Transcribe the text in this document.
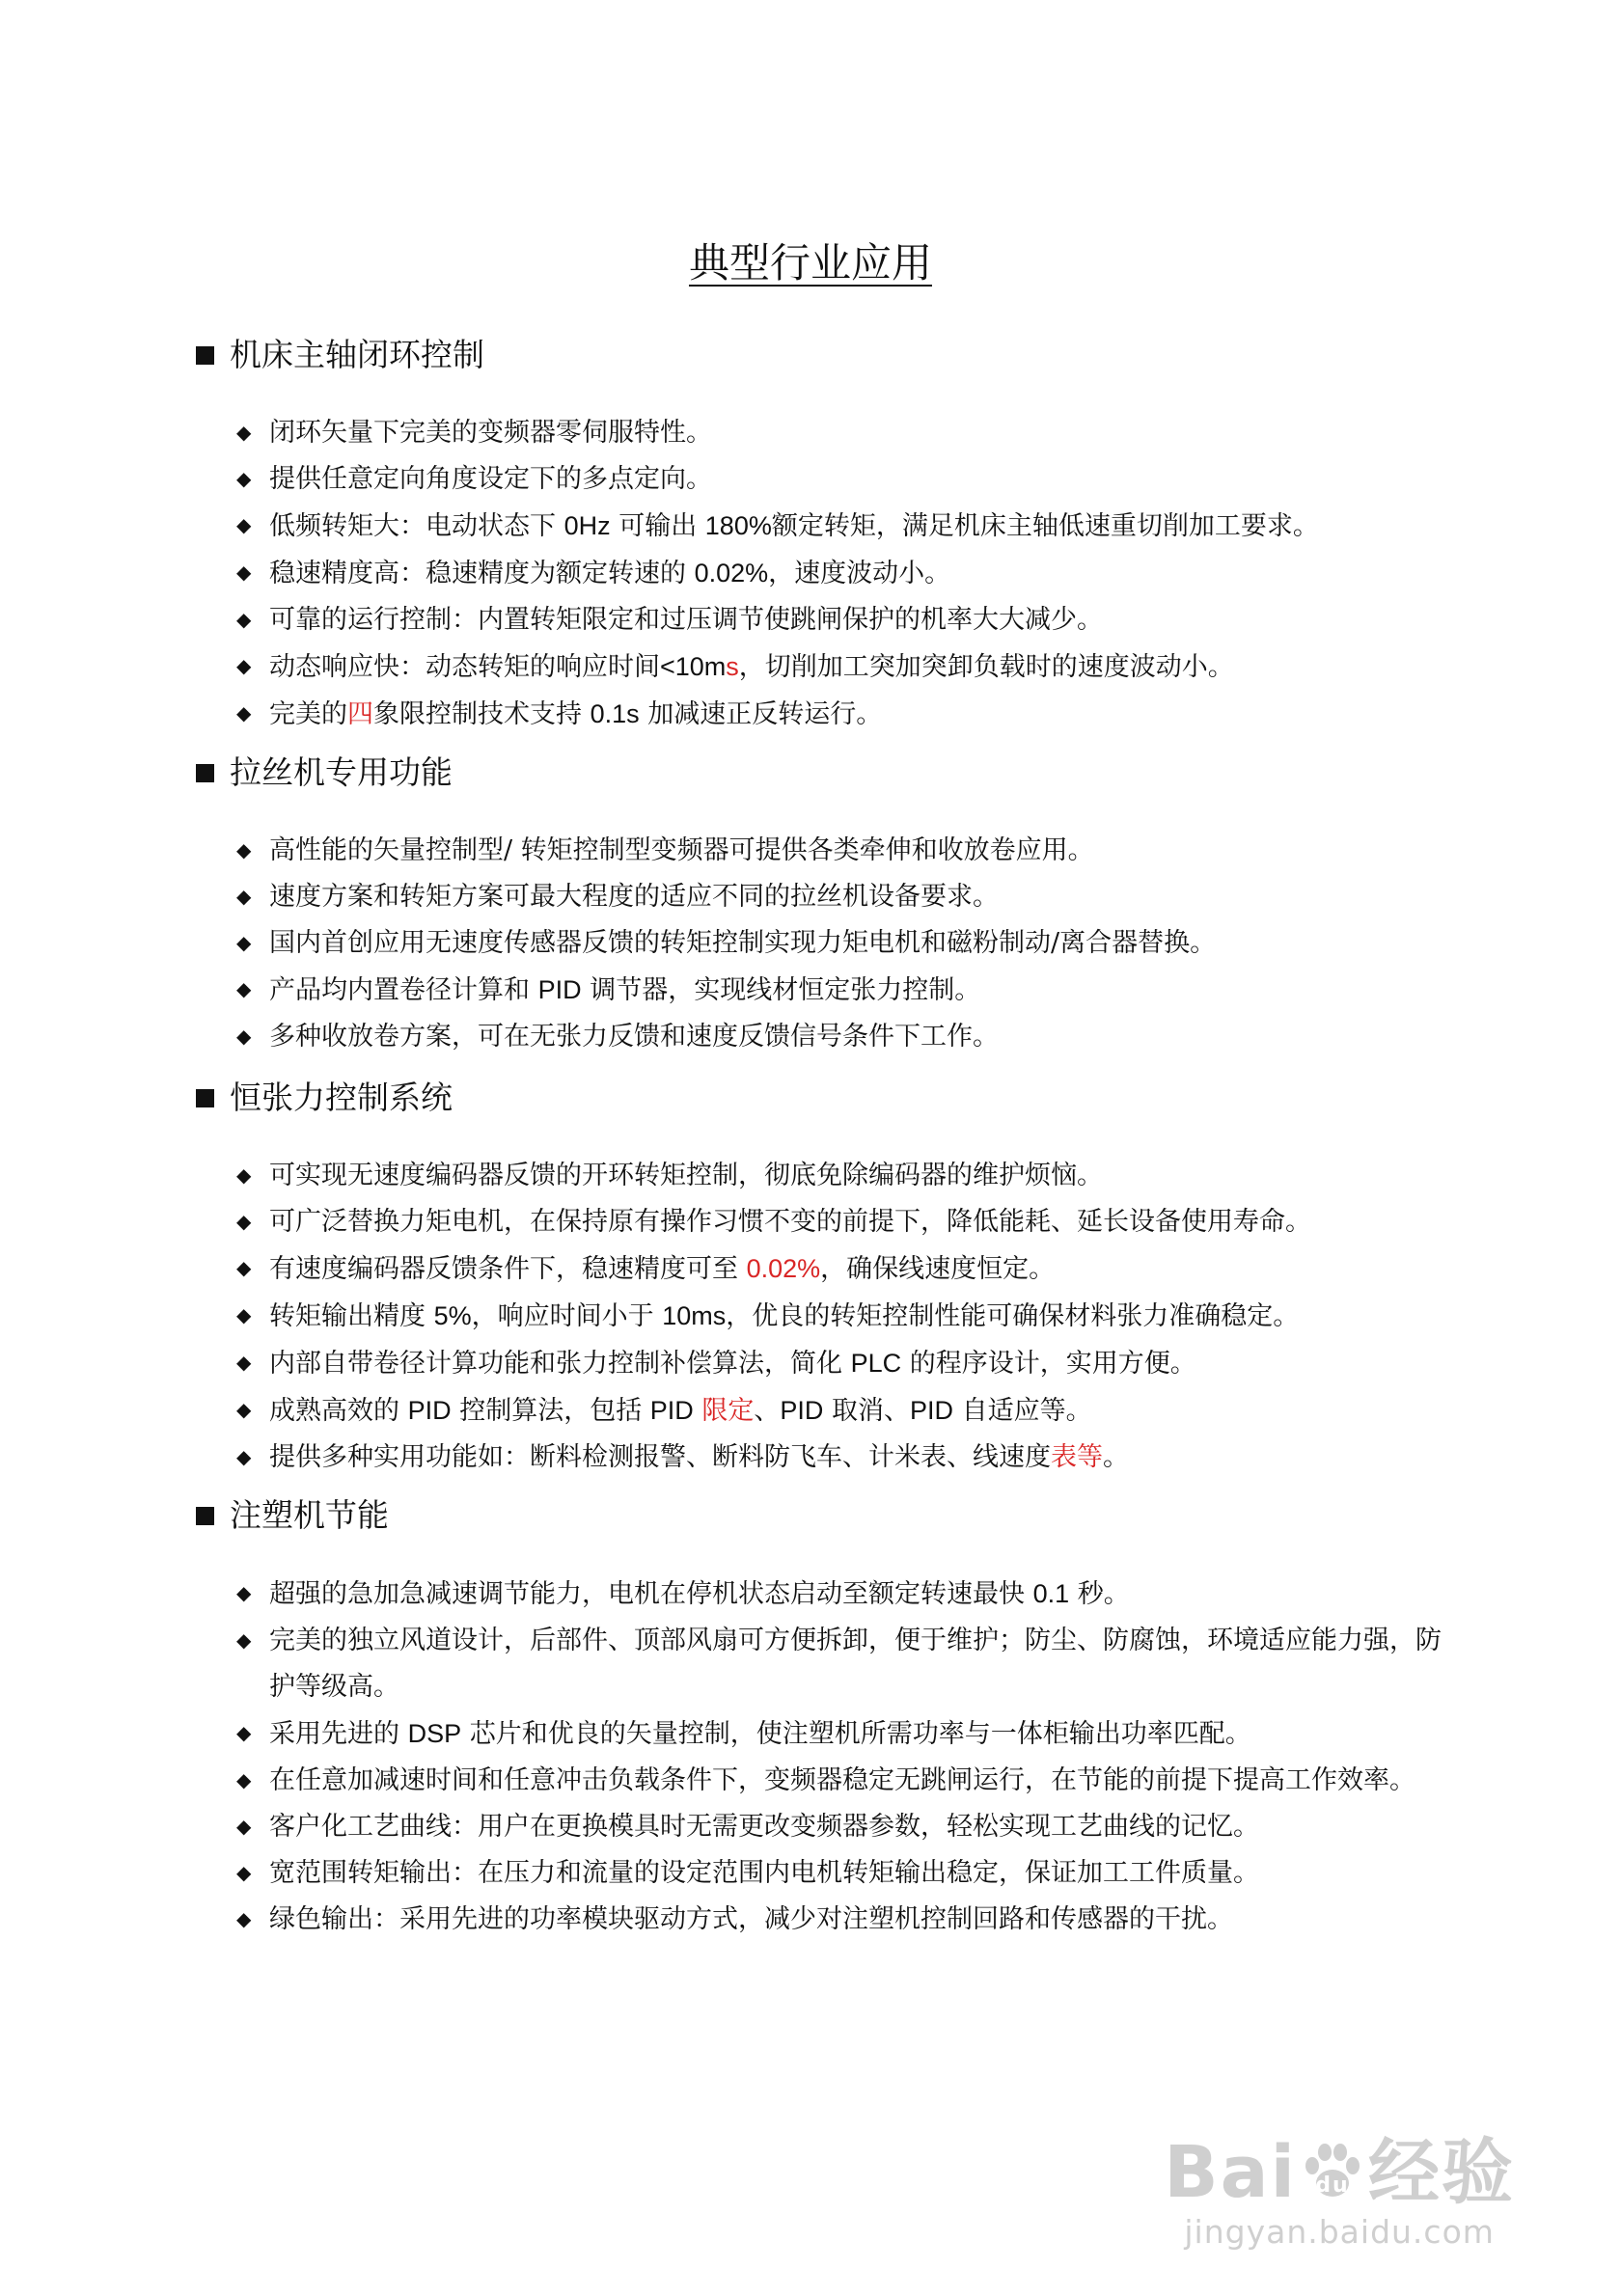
典型行业应用
机床主轴闭环控制
◆ 闭环矢量下完美的变频器零伺服特性。
◆ 提供任意定向角度设定下的多点定向。
◆ 低频转矩大：电动状态下 0Hz 可输出 180%额定转矩，满足机床主轴低速重切削加工要求。
◆ 稳速精度高：稳速精度为额定转速的 0.02%，速度波动小。
◆ 可靠的运行控制：内置转矩限定和过压调节使跳闸保护的机率大大减少。
◆ 动态响应快：动态转矩的响应时间<10ms，切削加工突加突卸负载时的速度波动小。
◆ 完美的四象限控制技术支持 0.1s 加减速正反转运行。
拉丝机专用功能
◆ 高性能的矢量控制型/ 转矩控制型变频器可提供各类牵伸和收放卷应用。
◆ 速度方案和转矩方案可最大程度的适应不同的拉丝机设备要求。
◆ 国内首创应用无速度传感器反馈的转矩控制实现力矩电机和磁粉制动/离合器替换。
◆ 产品均内置卷径计算和 PID 调节器，实现线材恒定张力控制。
◆ 多种收放卷方案，可在无张力反馈和速度反馈信号条件下工作。
恒张力控制系统
◆ 可实现无速度编码器反馈的开环转矩控制，彻底免除编码器的维护烦恼。
◆ 可广泛替换力矩电机，在保持原有操作习惯不变的前提下，降低能耗、延长设备使用寿命。
◆ 有速度编码器反馈条件下，稳速精度可至 0.02%，确保线速度恒定。
◆ 转矩输出精度 5%，响应时间小于 10ms，优良的转矩控制性能可确保材料张力准确稳定。
◆ 内部自带卷径计算功能和张力控制补偿算法，简化 PLC 的程序设计，实用方便。
◆ 成熟高效的 PID 控制算法，包括 PID 限定、PID 取消、PID 自适应等。
◆ 提供多种实用功能如：断料检测报警、断料防飞车、计米表、线速度表等。
注塑机节能
◆ 超强的急加急减速调节能力，电机在停机状态启动至额定转速最快 0.1 秒。
◆ 完美的独立风道设计，后部件、顶部风扇可方便拆卸，便于维护；防尘、防腐蚀，环境适应能力强，防护等级高。
◆ 采用先进的 DSP 芯片和优良的矢量控制，使注塑机所需功率与一体柜输出功率匹配。
◆ 在任意加减速时间和任意冲击负载条件下，变频器稳定无跳闸运行，在节能的前提下提高工作效率。
◆ 客户化工艺曲线：用户在更换模具时无需更改变频器参数，轻松实现工艺曲线的记忆。
◆ 宽范围转矩输出：在压力和流量的设定范围内电机转矩输出稳定，保证加工工件质量。
◆ 绿色输出：采用先进的功率模块驱动方式，减少对注塑机控制回路和传感器的干扰。
Bai du 经验
jingyan.baidu.com
